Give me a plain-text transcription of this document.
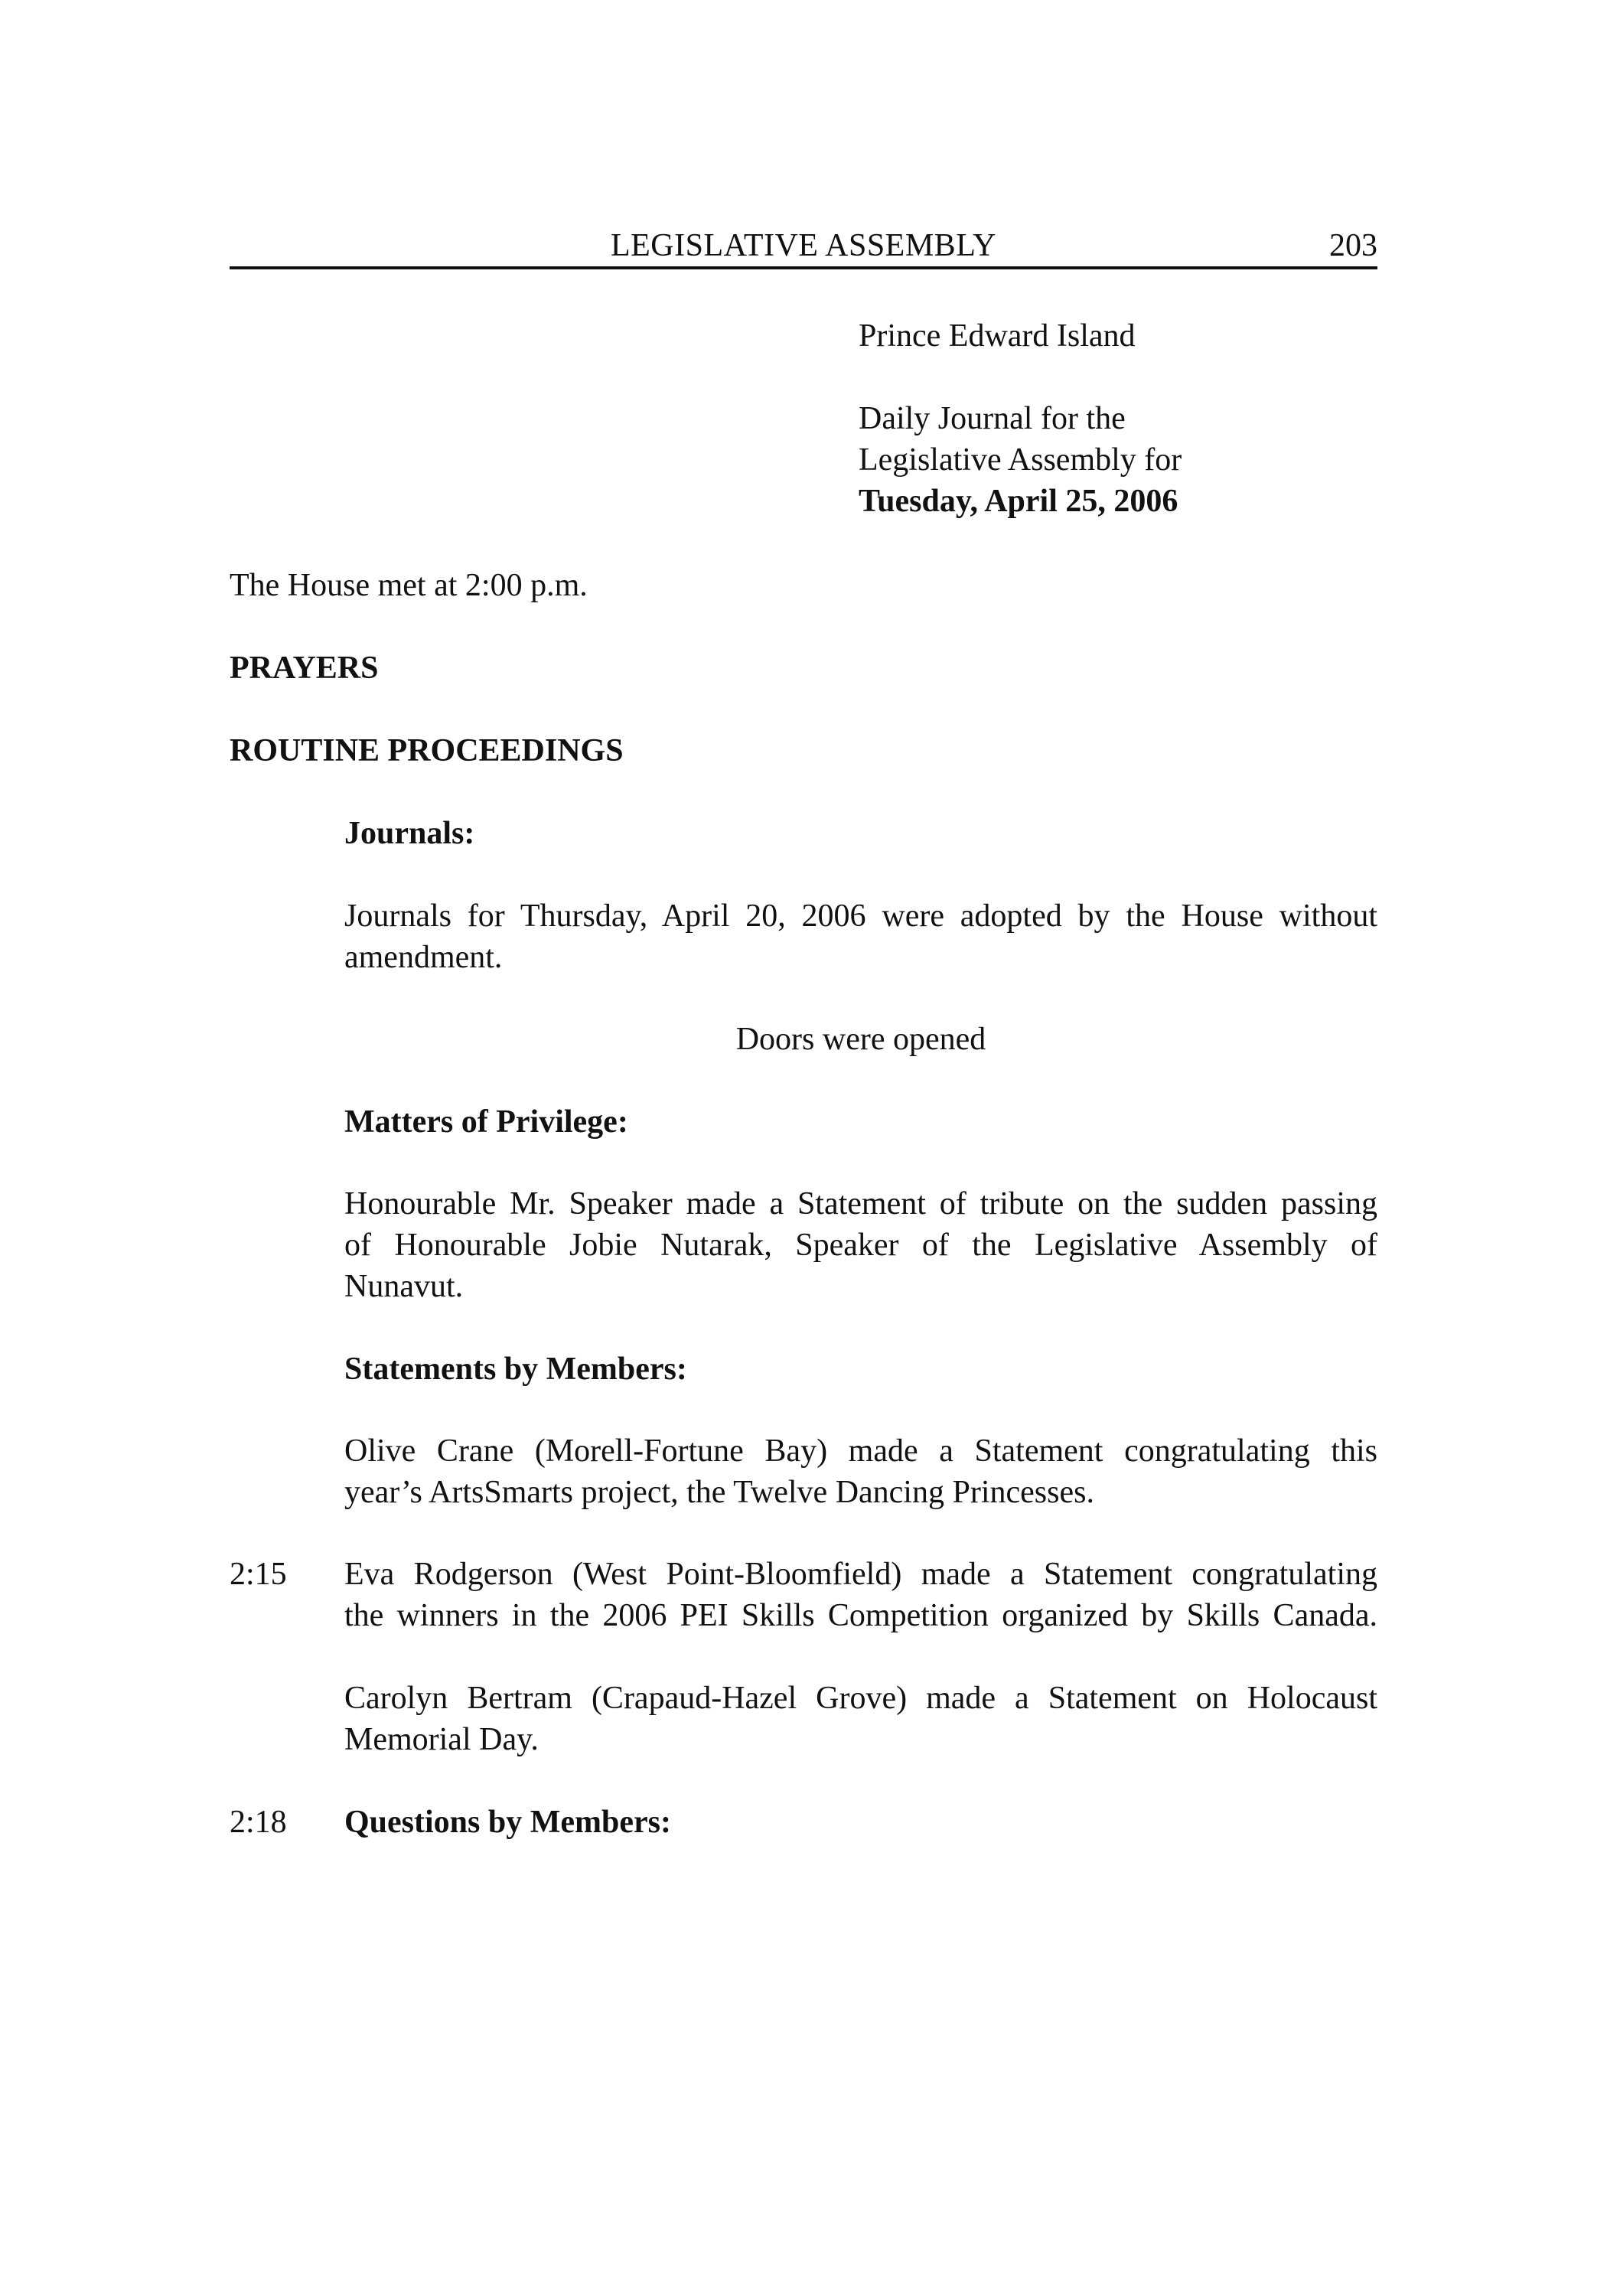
LEGISLATIVE ASSEMBLY	203
Prince Edward Island
Daily Journal for the
Legislative Assembly for
Tuesday, April 25, 2006
The House met at 2:00 p.m.
PRAYERS
ROUTINE PROCEEDINGS
Journals:
Journals for Thursday, April 20, 2006 were adopted by the House without
amendment.
Doors were opened
Matters of Privilege:
Honourable Mr. Speaker made a Statement of tribute on the sudden passing
of Honourable Jobie Nutarak, Speaker of the Legislative Assembly of
Nunavut.
Statements by Members:
Olive Crane (Morell-Fortune Bay) made a Statement congratulating this
year’s ArtsSmarts project, the Twelve Dancing Princesses.
2:15	Eva Rodgerson (West Point-Bloomfield) made a Statement congratulating
the winners in the 2006 PEI Skills Competition organized by Skills Canada.
Carolyn Bertram (Crapaud-Hazel Grove) made a Statement on Holocaust
Memorial Day.
2:18	Questions by Members:
